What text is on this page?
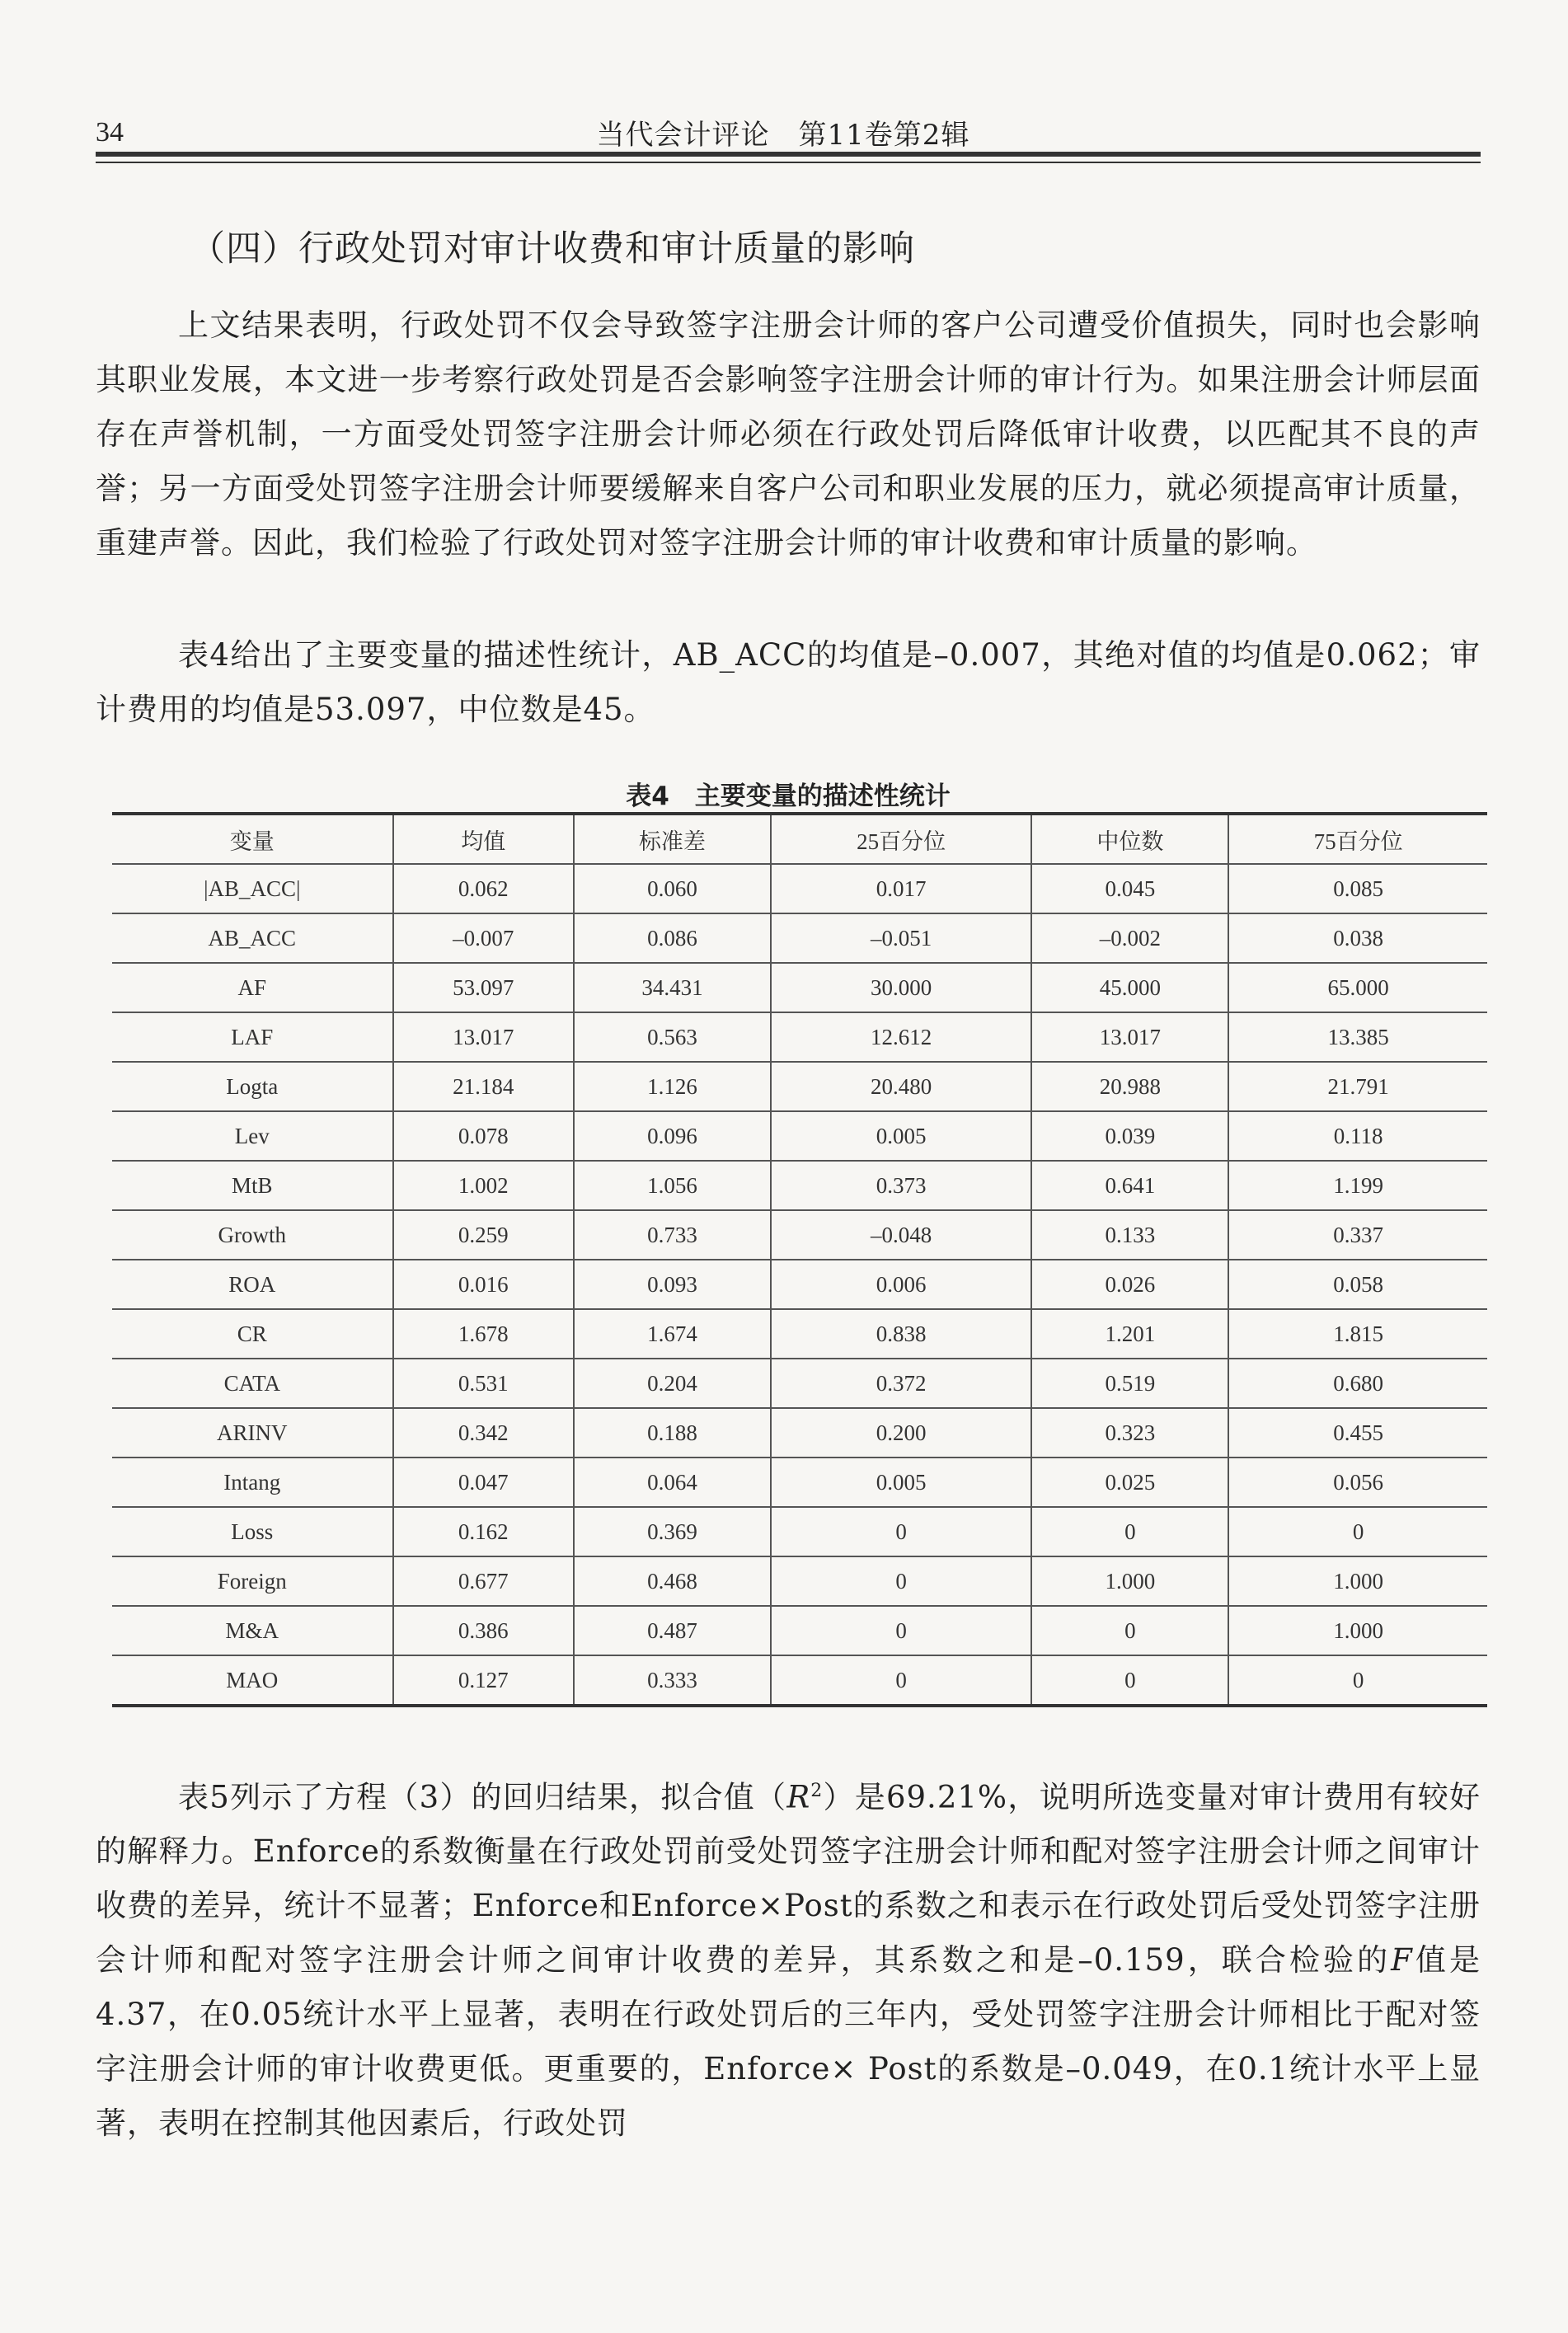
34	当代会计评论　第11卷第2辑
（四）行政处罚对审计收费和审计质量的影响

上文结果表明，行政处罚不仅会导致签字注册会计师的客户公司遭受价值损失，同时也会影响其职业发展，本文进一步考察行政处罚是否会影响签字注册会计师的审计行为。如果注册会计师层面存在声誉机制，一方面受处罚签字注册会计师必须在行政处罚后降低审计收费，以匹配其不良的声誉；另一方面受处罚签字注册会计师要缓解来自客户公司和职业发展的压力，就必须提高审计质量，重建声誉。因此，我们检验了行政处罚对签字注册会计师的审计收费和审计质量的影响。

表4给出了主要变量的描述性统计，AB_ACC的均值是–0.007，其绝对值的均值是0.062；审计费用的均值是53.097，中位数是45。

表4　主要变量的描述性统计
变量	均值	标准差	25百分位	中位数	75百分位
|AB_ACC|	0.062	0.060	0.017	0.045	0.085
AB_ACC	–0.007	0.086	–0.051	–0.002	0.038
AF	53.097	34.431	30.000	45.000	65.000
LAF	13.017	0.563	12.612	13.017	13.385
Logta	21.184	1.126	20.480	20.988	21.791
Lev	0.078	0.096	0.005	0.039	0.118
MtB	1.002	1.056	0.373	0.641	1.199
Growth	0.259	0.733	–0.048	0.133	0.337
ROA	0.016	0.093	0.006	0.026	0.058
CR	1.678	1.674	0.838	1.201	1.815
CATA	0.531	0.204	0.372	0.519	0.680
ARINV	0.342	0.188	0.200	0.323	0.455
Intang	0.047	0.064	0.005	0.025	0.056
Loss	0.162	0.369	0	0	0
Foreign	0.677	0.468	0	1.000	1.000
M&A	0.386	0.487	0	0	1.000
MAO	0.127	0.333	0	0	0

表5列示了方程（3）的回归结果，拟合值$(R^2)$是69.21%，说明所选变量对审计费用有较好的解释力。Enforce的系数衡量在行政处罚前受处罚签字注册会计师和配对签字注册会计师之间审计收费的差异，统计不显著；Enforce和Enforce×Post的系数之和表示在行政处罚后受处罚签字注册会计师和配对签字注册会计师之间审计收费的差异，其系数之和是–0.159，联合检验的F值是4.37，在0.05统计水平上显著，表明在行政处罚后的三年内，受处罚签字注册会计师相比于配对签字注册会计师的审计收费更低。更重要的，Enforce× Post的系数是–0.049，在0.1统计水平上显著，表明在控制其他因素后，行政处罚
